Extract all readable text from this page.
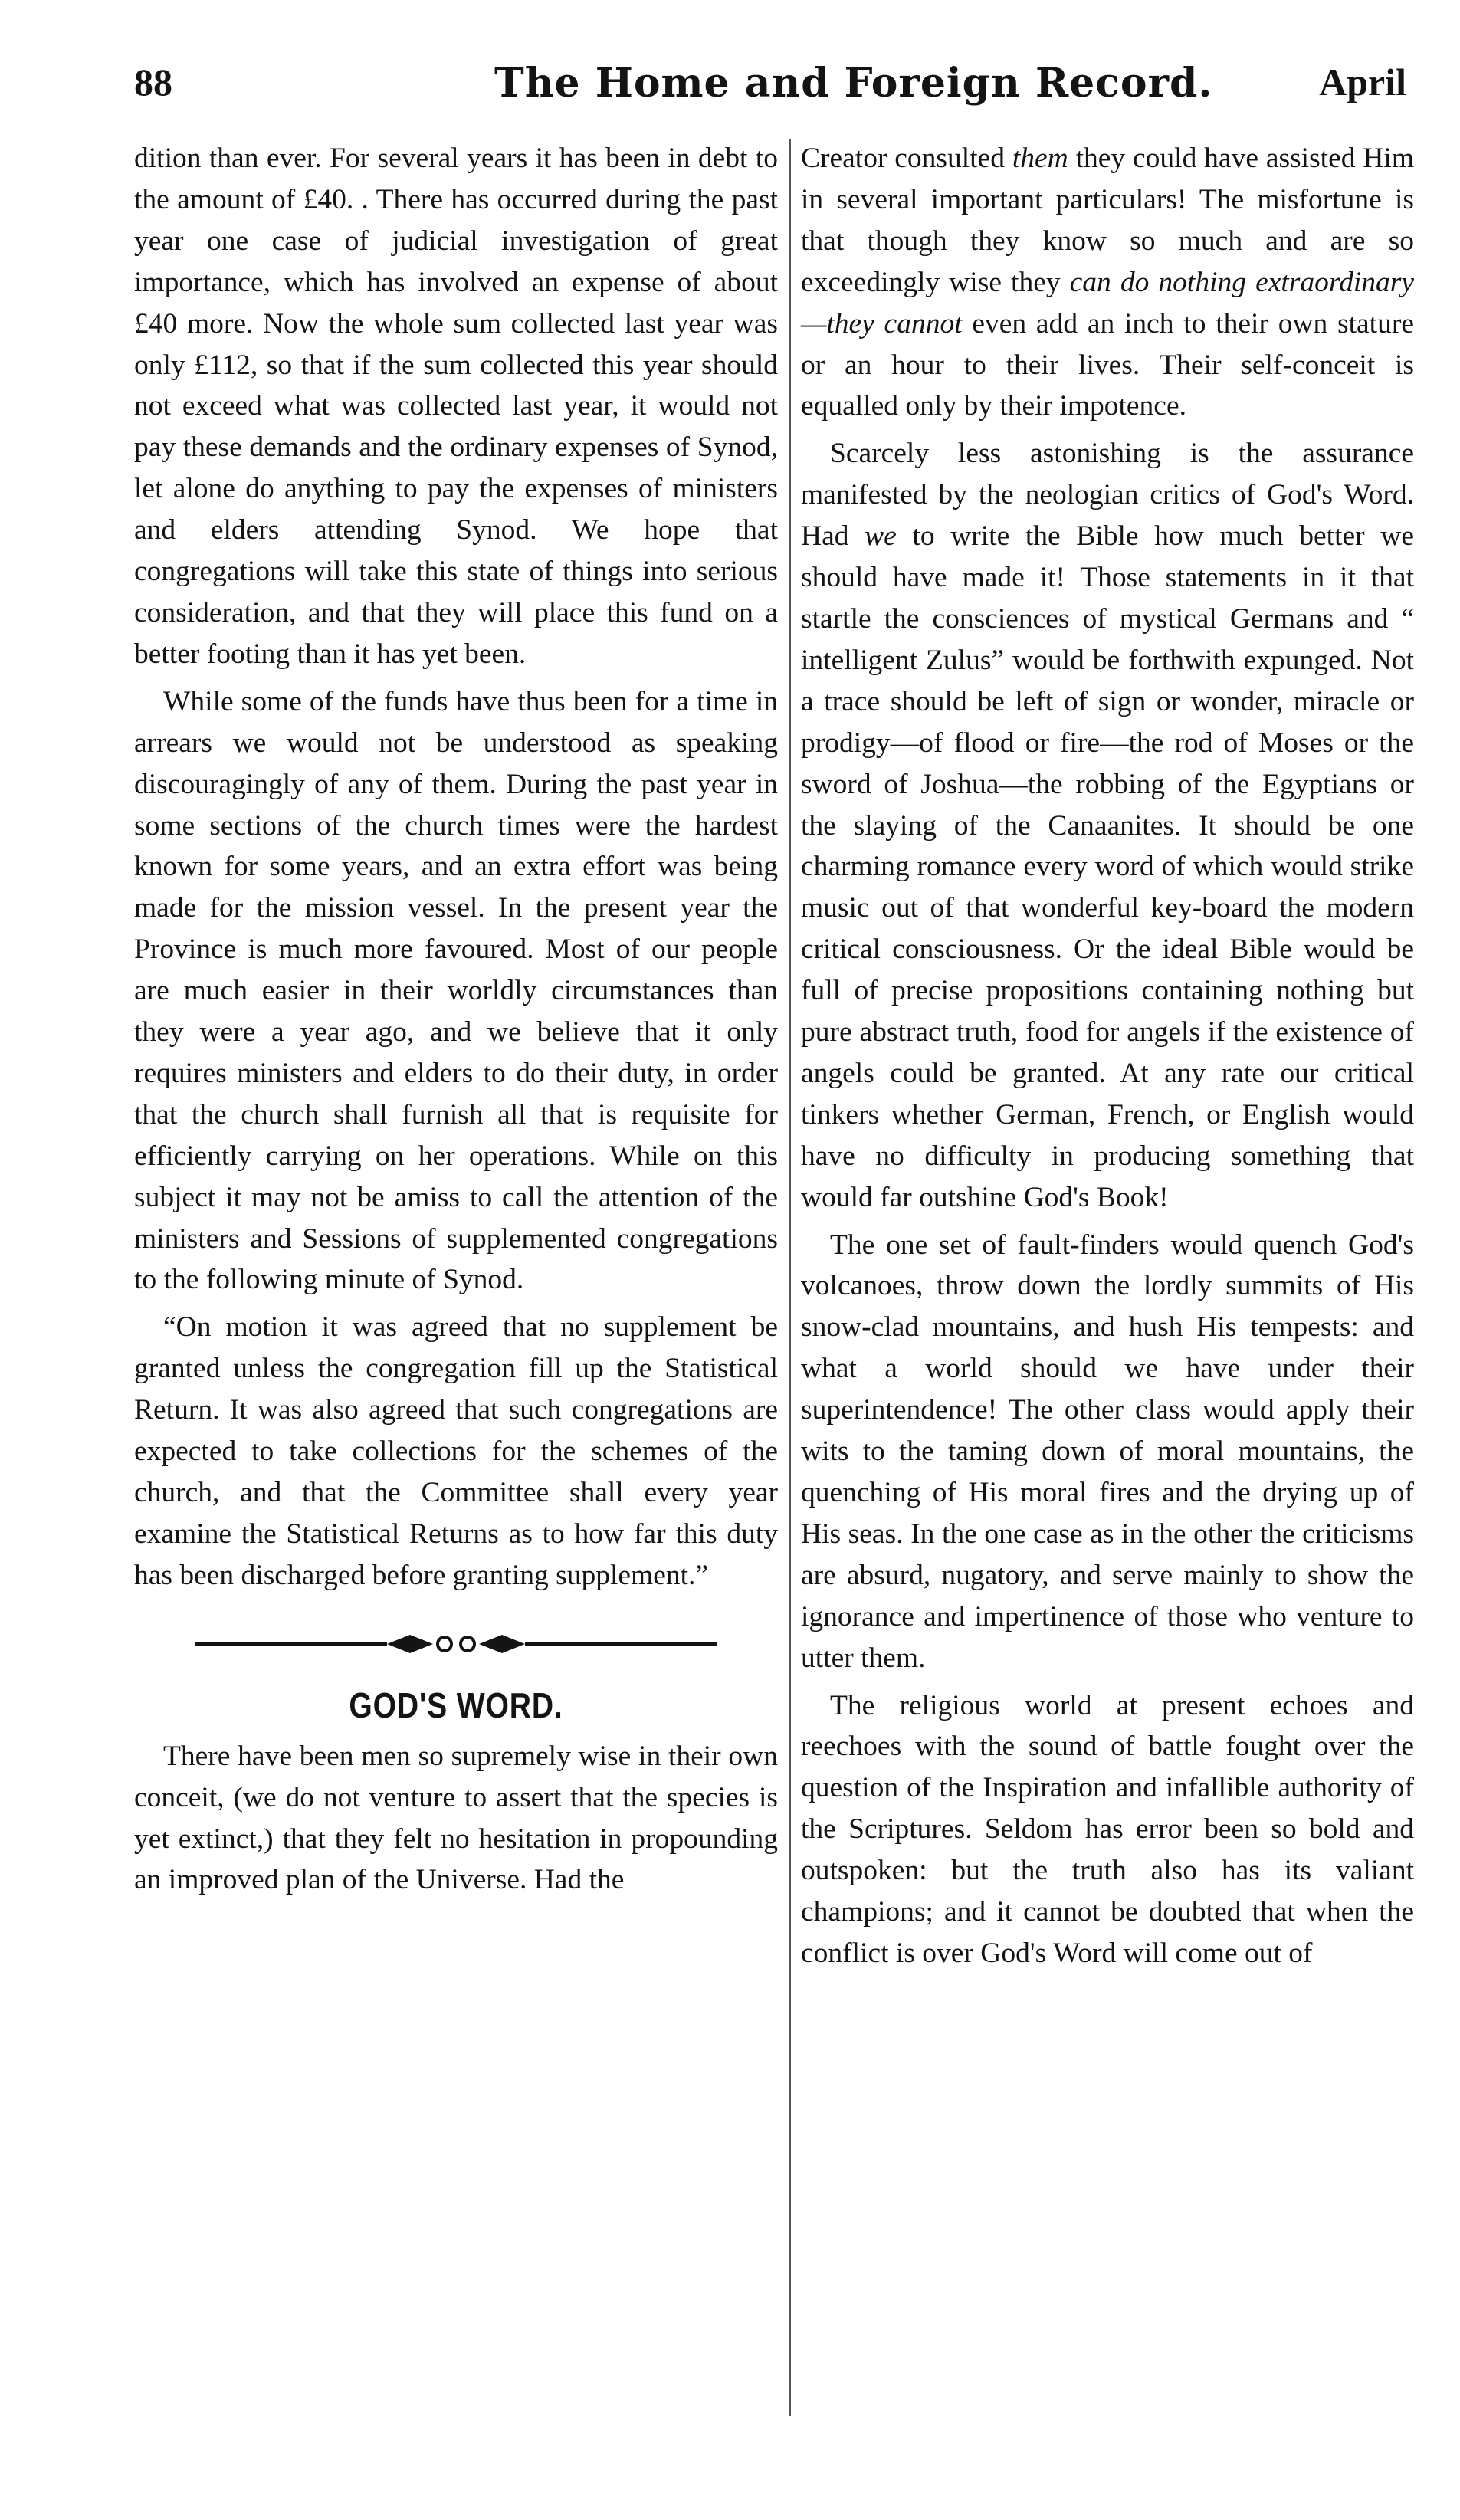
88	The Home and Foreign Record.	April

dition than ever. For several years it has been in debt to the amount of £40. . There has occurred during the past year one case of judicial investigation of great importance, which has involved an expense of about £40 more. Now the whole sum collected last year was only £112, so that if the sum collected this year should not exceed what was collected last year, it would not pay these demands and the ordinary expenses of Synod, let alone do anything to pay the expenses of ministers and elders attending Synod. We hope that congregations will take this state of things into serious consideration, and that they will place this fund on a better footing than it has yet been.

While some of the funds have thus been for a time in arrears we would not be understood as speaking discouragingly of any of them. During the past year in some sections of the church times were the hardest known for some years, and an extra effort was being made for the mission vessel. In the present year the Province is much more favoured. Most of our people are much easier in their worldly circumstances than they were a year ago, and we believe that it only requires ministers and elders to do their duty, in order that the church shall furnish all that is requisite for efficiently carrying on her operations. While on this subject it may not be amiss to call the attention of the ministers and Sessions of supplemented congregations to the following minute of Synod.

“On motion it was agreed that no supplement be granted unless the congregation fill up the Statistical Return. It was also agreed that such congregations are expected to take collections for the schemes of the church, and that the Committee shall every year examine the Statistical Returns as to how far this duty has been discharged before granting supplement.”

GOD'S WORD.

There have been men so supremely wise in their own conceit, (we do not venture to assert that the species is yet extinct,) that they felt no hesitation in propounding an improved plan of the Universe. Had the

Creator consulted them they could have assisted Him in several important particulars! The misfortune is that though they know so much and are so exceedingly wise they can do nothing extraordinary—they cannot even add an inch to their own stature or an hour to their lives. Their self-conceit is equalled only by their impotence.

Scarcely less astonishing is the assurance manifested by the neologian critics of God's Word. Had we to write the Bible how much better we should have made it! Those statements in it that startle the consciences of mystical Germans and “ intelligent Zulus” would be forthwith expunged. Not a trace should be left of sign or wonder, miracle or prodigy—of flood or fire—the rod of Moses or the sword of Joshua—the robbing of the Egyptians or the slaying of the Canaanites. It should be one charming romance every word of which would strike music out of that wonderful key-board the modern critical consciousness. Or the ideal Bible would be full of precise propositions containing nothing but pure abstract truth, food for angels if the existence of angels could be granted. At any rate our critical tinkers whether German, French, or English would have no difficulty in producing something that would far outshine God's Book!

The one set of fault-finders would quench God's volcanoes, throw down the lordly summits of His snow-clad mountains, and hush His tempests: and what a world should we have under their superintendence! The other class would apply their wits to the taming down of moral mountains, the quenching of His moral fires and the drying up of His seas. In the one case as in the other the criticisms are absurd, nugatory, and serve mainly to show the ignorance and impertinence of those who venture to utter them.

The religious world at present echoes and reechoes with the sound of battle fought over the question of the Inspiration and infallible authority of the Scriptures. Seldom has error been so bold and outspoken: but the truth also has its valiant champions; and it cannot be doubted that when the conflict is over God's Word will come out of
